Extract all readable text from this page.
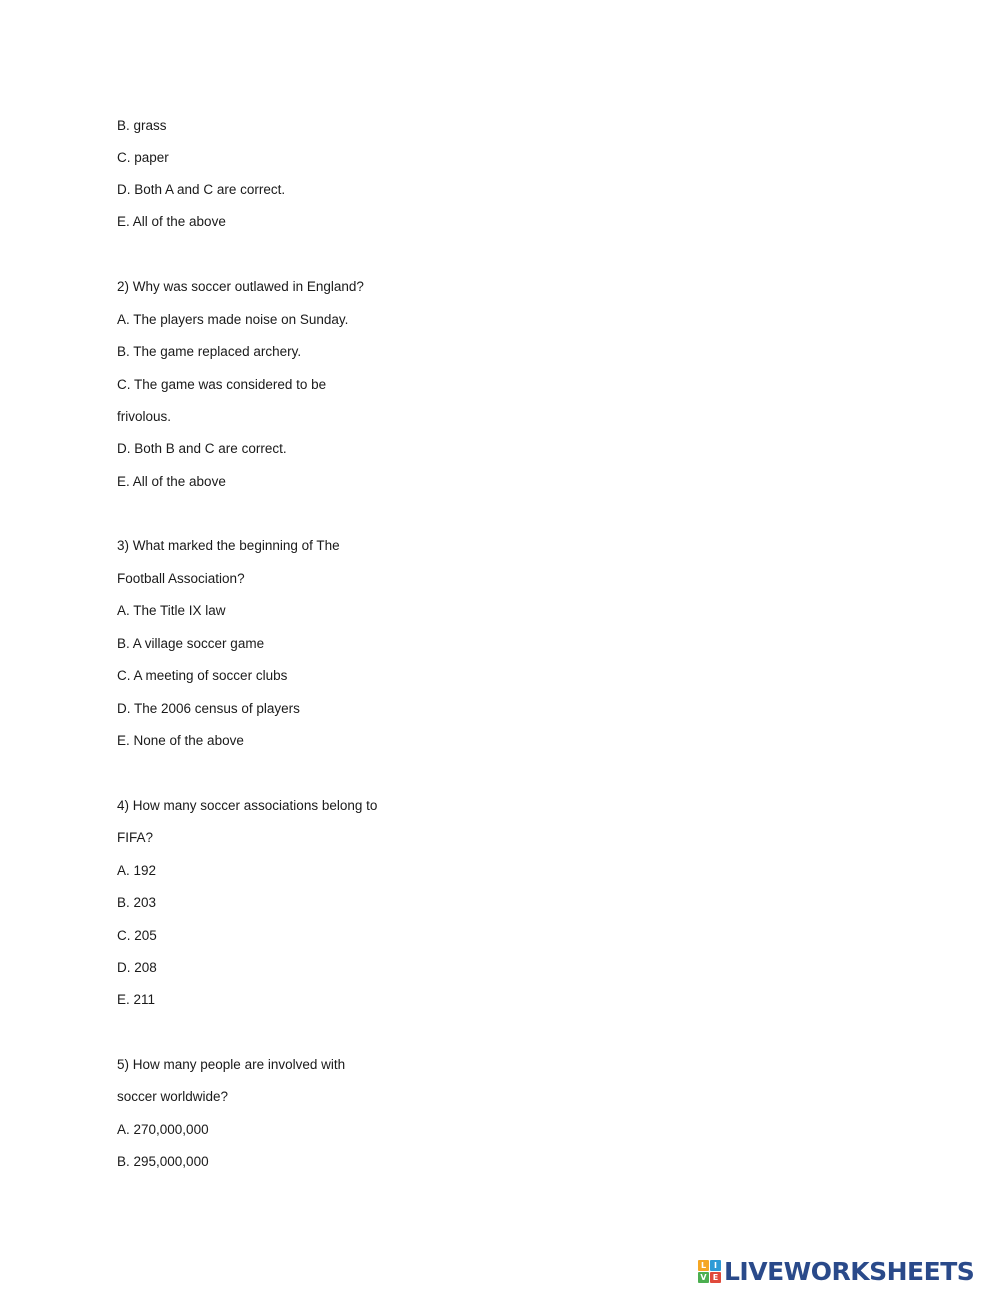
B. grass
C. paper
D. Both A and C are correct.
E. All of the above
2) Why was soccer outlawed in England?
A. The players made noise on Sunday.
B. The game replaced archery.
C. The game was considered to be
frivolous.
D. Both B and C are correct.
E. All of the above
3) What marked the beginning of The
Football Association?
A. The Title IX law
B. A village soccer game
C. A meeting of soccer clubs
D. The 2006 census of players
E. None of the above
4) How many soccer associations belong to
FIFA?
A. 192
B. 203
C. 205
D. 208
E. 211
5) How many people are involved with
soccer worldwide?
A. 270,000,000
B. 295,000,000
L I
V E LIVEWORKSHEETS
